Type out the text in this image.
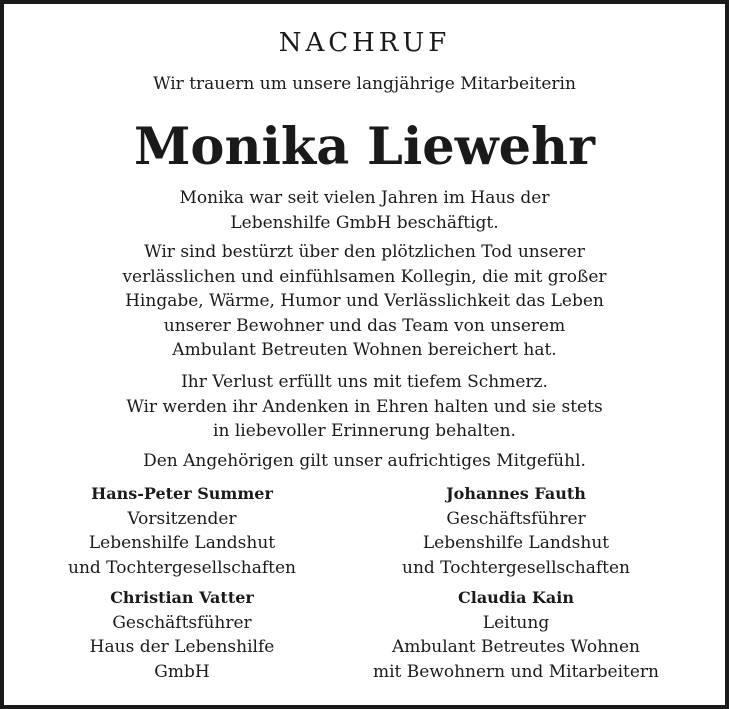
NACHRUF
Wir trauern um unsere langjährige Mitarbeiterin
Monika Liewehr
Monika war seit vielen Jahren im Haus der
Lebenshilfe GmbH beschäftigt.
Wir sind bestürzt über den plötzlichen Tod unserer
verlässlichen und einfühlsamen Kollegin, die mit großer
Hingabe, Wärme, Humor und Verlässlichkeit das Leben
unserer Bewohner und das Team von unserem
Ambulant Betreuten Wohnen bereichert hat.
Ihr Verlust erfüllt uns mit tiefem Schmerz.
Wir werden ihr Andenken in Ehren halten und sie stets
in liebevoller Erinnerung behalten.
Den Angehörigen gilt unser aufrichtiges Mitgefühl.
Hans-Peter Summer
Vorsitzender
Lebenshilfe Landshut
und Tochtergesellschaften
Johannes Fauth
Geschäftsführer
Lebenshilfe Landshut
und Tochtergesellschaften
Christian Vatter
Geschäftsführer
Haus der Lebenshilfe
GmbH
Claudia Kain
Leitung
Ambulant Betreutes Wohnen
mit Bewohnern und Mitarbeitern
